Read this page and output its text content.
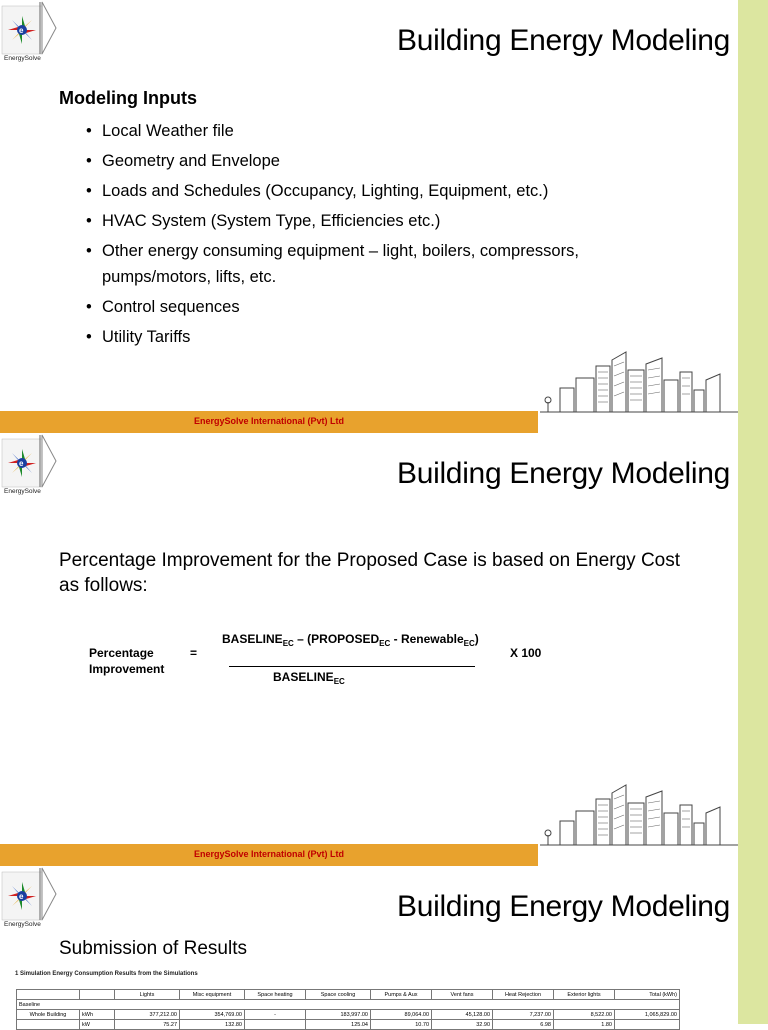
e
EnergySolve
Building Energy Modeling
Modeling Inputs
• Local Weather file
• Geometry and Envelope
• Loads and Schedules (Occupancy, Lighting, Equipment, etc.)
• HVAC System (System Type, Efficiencies etc.)
• Other energy consuming equipment – light, boilers, compressors, pumps/motors, lifts, etc.
• Control sequences
• Utility Tariffs
EnergySolve International (Pvt) Ltd
e
EnergySolve
Building Energy Modeling
Percentage Improvement for the Proposed Case is based on Energy Cost as follows:
Percentage
Improvement
=
$BASELINE_{EC}$ – ($PROPOSED_{EC}$ - Renewable$_{EC}$)
$BASELINE_{EC}$
X 100
EnergySolve International (Pvt) Ltd
e
EnergySolve
Building Energy Modeling
Submission of Results
1 Simulation Energy Consumption Results from the Simulations
		Lights	Misc equipment	Space heating	Space cooling	Pumps & Aux	Vent fans	Heat Rejection	Exterior lights	Total (kWh)
Baseline										
Whole Building	kWh	377,212.00	354,769.00	-	183,997.00	89,064.00	45,128.00	7,237.00	8,522.00	1,065,829.00
	kW	75.27	132.80		125.04	10.70	32.90	6.98	1.80	
